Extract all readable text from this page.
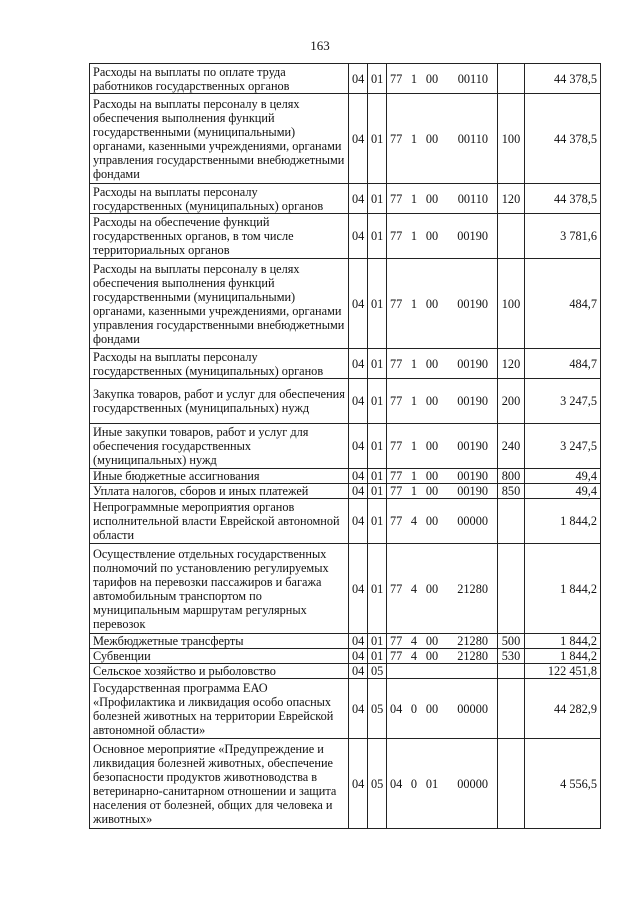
163
Расходы на выплаты по оплате труда работников государственных органов	04	01	77 1 00 00110		44 378,5
Расходы на выплаты персоналу в целях обеспечения выполнения функций государственными (муниципальными) органами, казенными учреждениями, органами управления государственными внебюджетными фондами	04	01	77 1 00 00110	100	44 378,5
Расходы на выплаты персоналу государственных (муниципальных) органов	04	01	77 1 00 00110	120	44 378,5
Расходы на обеспечение функций государственных органов, в том числе территориальных органов	04	01	77 1 00 00190		3 781,6
Расходы на выплаты персоналу в целях обеспечения выполнения функций государственными (муниципальными) органами, казенными учреждениями, органами управления государственными внебюджетными фондами	04	01	77 1 00 00190	100	484,7
Расходы на выплаты персоналу государственных (муниципальных) органов	04	01	77 1 00 00190	120	484,7
Закупка товаров, работ и услуг для обеспечения государственных (муниципальных) нужд	04	01	77 1 00 00190	200	3 247,5
Иные закупки товаров, работ и услуг для обеспечения государственных (муниципальных) нужд	04	01	77 1 00 00190	240	3 247,5
Иные бюджетные ассигнования	04	01	77 1 00 00190	800	49,4
Уплата налогов, сборов и иных платежей	04	01	77 1 00 00190	850	49,4
Непрограммные мероприятия органов исполнительной власти Еврейской автономной области	04	01	77 4 00 00000		1 844,2
Осуществление отдельных государственных полномочий по установлению регулируемых тарифов на перевозки пассажиров и багажа автомобильным транспортом по муниципальным маршрутам регулярных перевозок	04	01	77 4 00 21280		1 844,2
Межбюджетные трансферты	04	01	77 4 00 21280	500	1 844,2
Субвенции	04	01	77 4 00 21280	530	1 844,2
Сельское хозяйство и рыболовство	04	05			122 451,8
Государственная программа ЕАО «Профилактика и ликвидация особо опасных болезней животных на территории Еврейской автономной области»	04	05	04 0 00 00000		44 282,9
Основное мероприятие «Предупреждение и ликвидация болезней животных, обеспечение безопасности продуктов животноводства в ветеринарно-санитарном отношении и защита населения от болезней, общих для человека и животных»	04	05	04 0 01 00000		4 556,5
